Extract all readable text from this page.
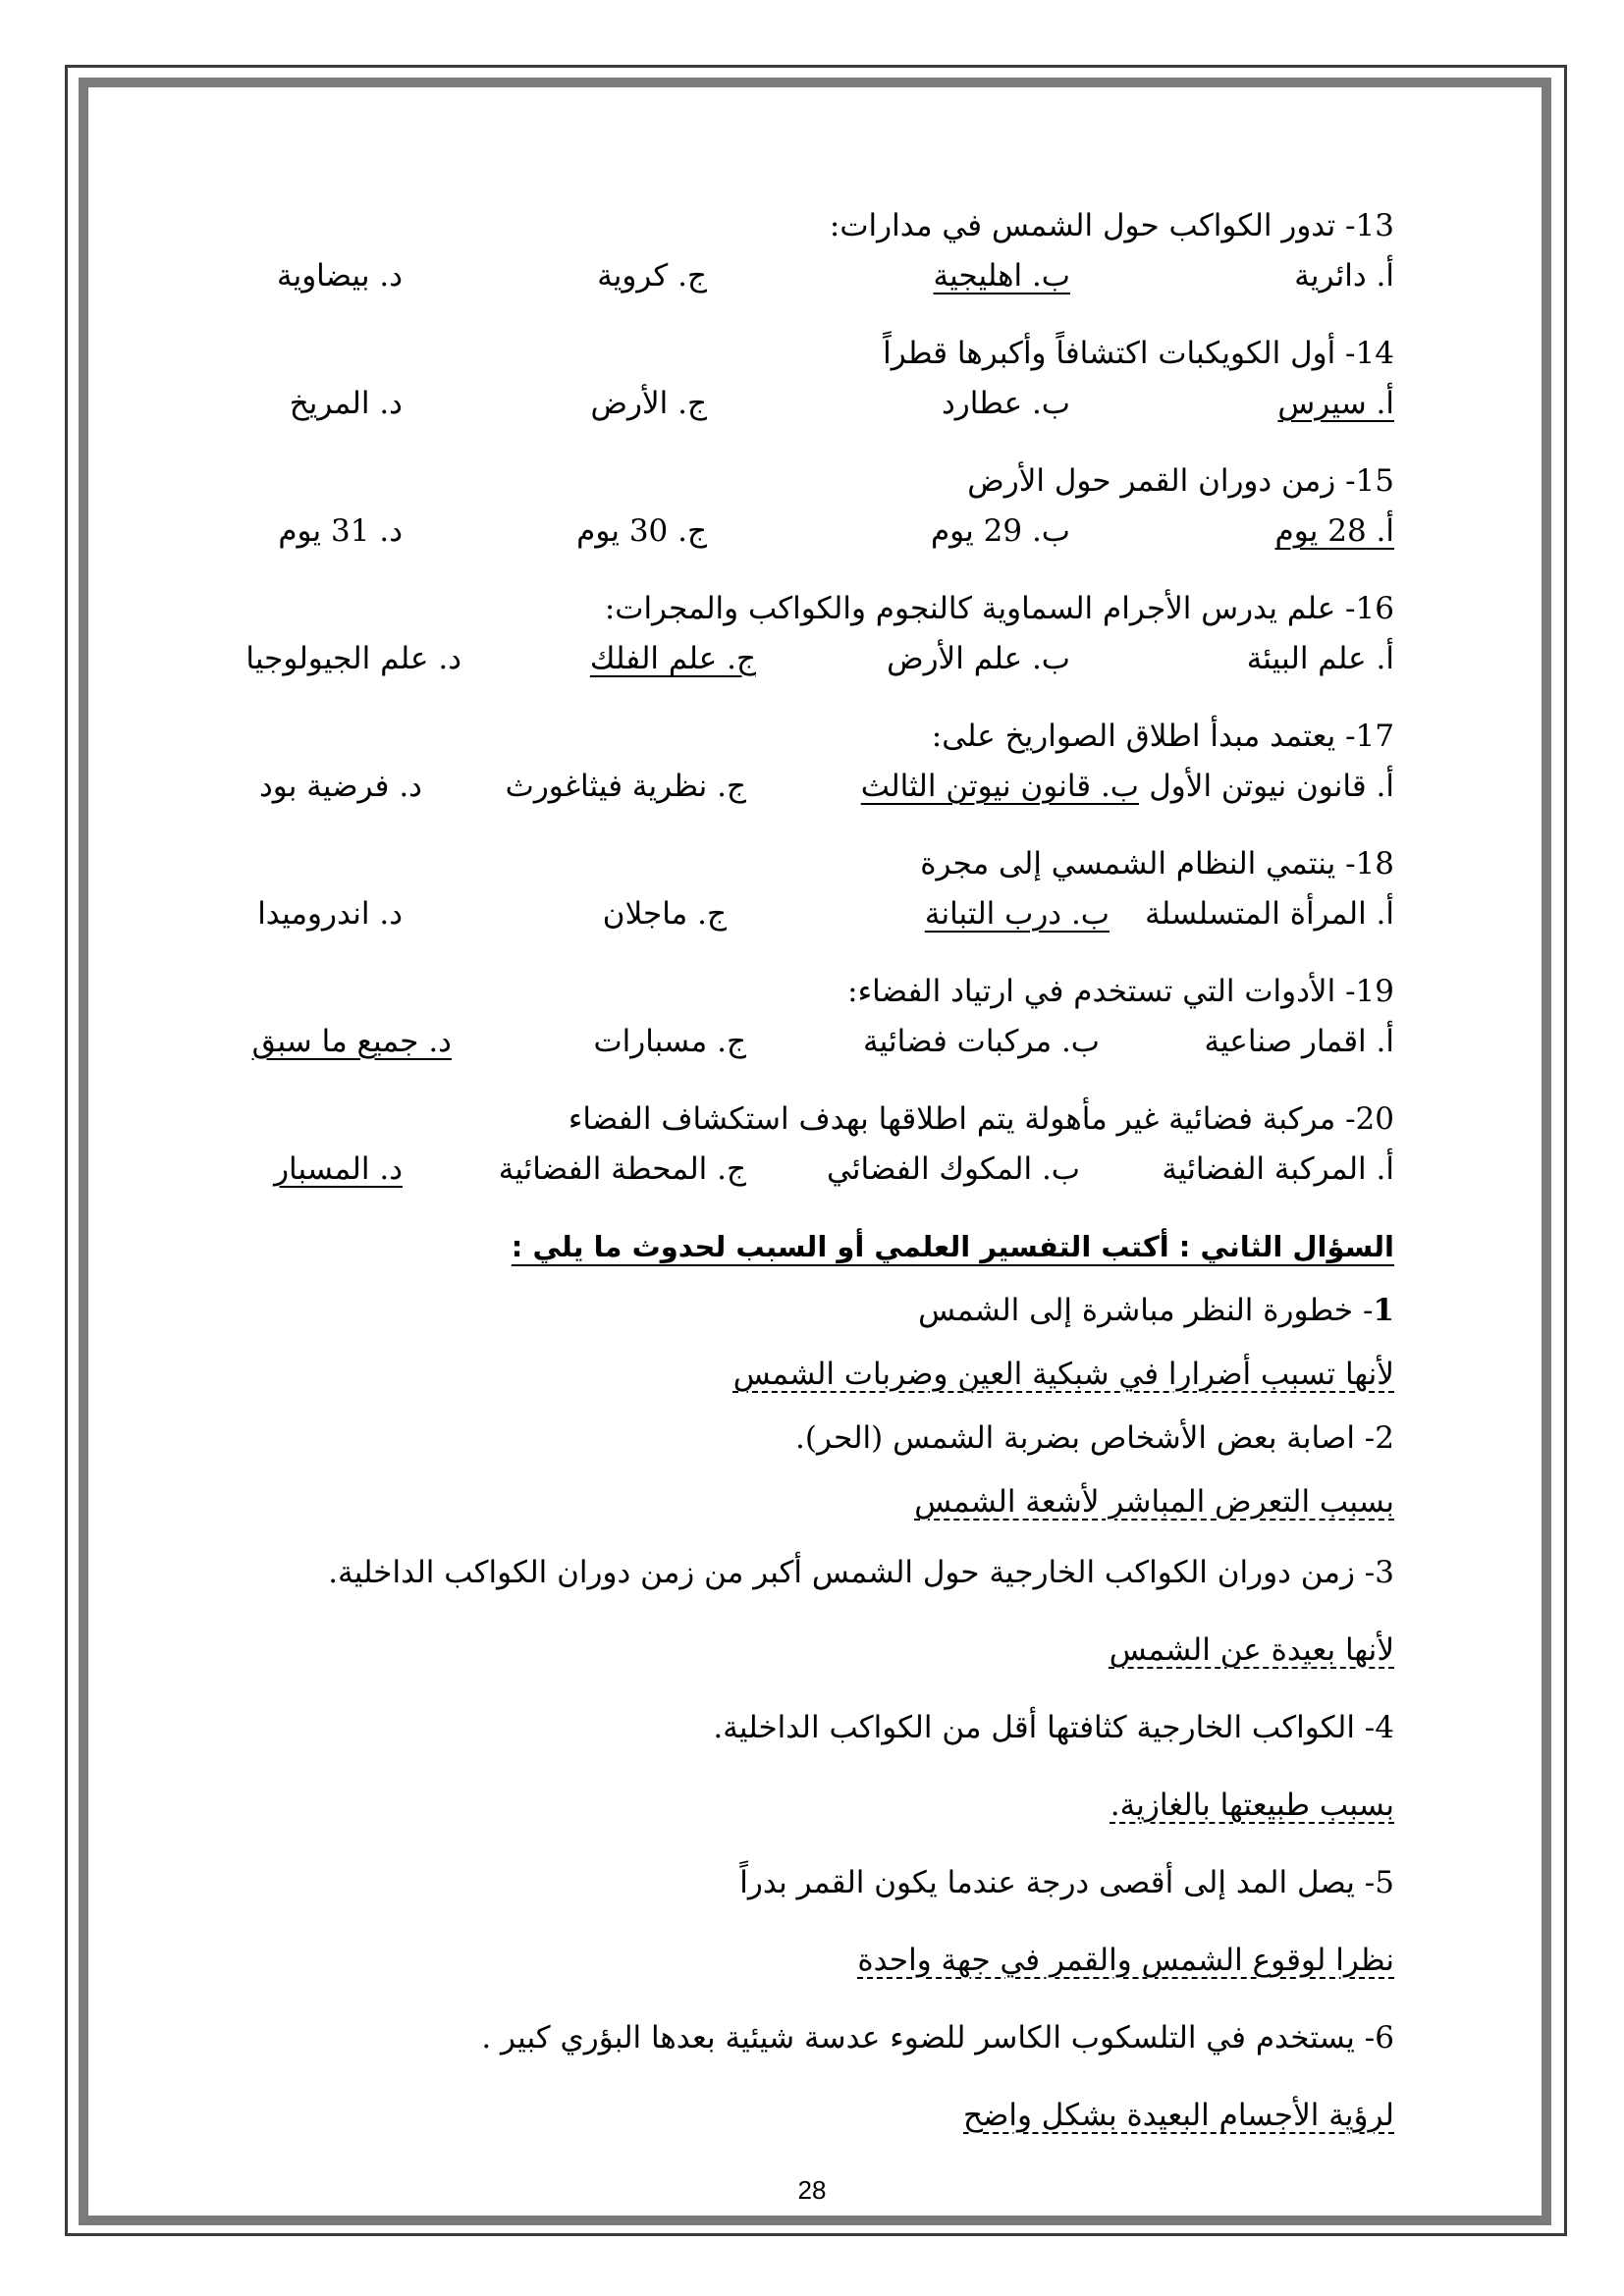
13- تدور الكواكب حول الشمس في مدارات:
أ. دائرية
ب. اهليجية
ج. كروية
د. بيضاوية
14- أول الكويكبات اكتشافاً وأكبرها قطراً
أ. سيرس
ب. عطارد
ج. الأرض
د. المريخ
15- زمن دوران القمر حول الأرض
أ. 28 يوم
ب. 29 يوم
ج. 30 يوم
د. 31 يوم
16- علم يدرس الأجرام السماوية كالنجوم والكواكب والمجرات:
أ. علم البيئة
ب. علم الأرض
ج. علم الفلك
د. علم الجيولوجيا
17- يعتمد مبدأ اطلاق الصواريخ على:
أ. قانون نيوتن الأول
ب. قانون نيوتن الثالث
ج. نظرية فيثاغورث
د. فرضية بود
18- ينتمي النظام الشمسي إلى مجرة
أ. المرأة المتسلسلة
ب. درب التبانة
ج. ماجلان
د. اندروميدا
19- الأدوات التي تستخدم في ارتياد الفضاء:
أ. اقمار صناعية
ب. مركبات فضائية
ج. مسبارات
د. جميع ما سبق
20- مركبة فضائية غير مأهولة يتم اطلاقها بهدف استكشاف الفضاء
أ. المركبة الفضائية
ب. المكوك الفضائي
ج. المحطة الفضائية
د. المسبار
السؤال الثاني : أكتب التفسير العلمي أو السبب لحدوث ما يلي :
1- خطورة النظر مباشرة إلى الشمس
لأنها تسبب أضرارا في شبكية العين وضربات الشمس
2- اصابة بعض الأشخاص بضربة الشمس (الحر).
بسبب التعرض المباشر لأشعة الشمس
3- زمن دوران الكواكب الخارجية حول الشمس أكبر من زمن دوران الكواكب الداخلية.
لأنها بعيدة عن الشمس
4- الكواكب الخارجية كثافتها أقل من الكواكب الداخلية.
بسبب طبيعتها بالغازية.
5- يصل المد إلى أقصى درجة عندما يكون القمر بدراً
نظرا لوقوع الشمس والقمر في جهة واحدة
6- يستخدم في التلسكوب الكاسر للضوء عدسة شيئية بعدها البؤري كبير .
لرؤية الأجسام البعيدة بشكل واضح
28
